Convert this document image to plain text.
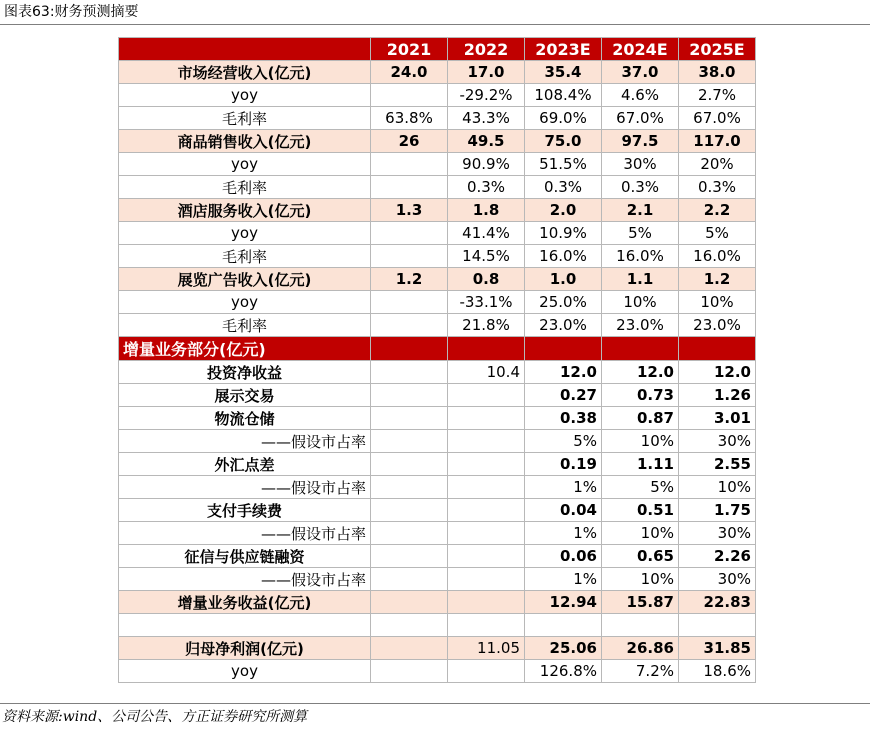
图表63:财务预测摘要
	2021	2022	2023E	2024E	2025E
市场经营收入(亿元)	24.0	17.0	35.4	37.0	38.0
yoy		-29.2%	108.4%	4.6%	2.7%
毛利率	63.8%	43.3%	69.0%	67.0%	67.0%
商品销售收入(亿元)	26	49.5	75.0	97.5	117.0
yoy		90.9%	51.5%	30%	20%
毛利率		0.3%	0.3%	0.3%	0.3%
酒店服务收入(亿元)	1.3	1.8	2.0	2.1	2.2
yoy		41.4%	10.9%	5%	5%
毛利率		14.5%	16.0%	16.0%	16.0%
展览广告收入(亿元)	1.2	0.8	1.0	1.1	1.2
yoy		-33.1%	25.0%	10%	10%
毛利率		21.8%	23.0%	23.0%	23.0%
增量业务部分(亿元)					
投资净收益		10.4	12.0	12.0	12.0
展示交易			0.27	0.73	1.26
物流仓储			0.38	0.87	3.01
——假设市占率			5%	10%	30%
外汇点差			0.19	1.11	2.55
——假设市占率			1%	5%	10%
支付手续费			0.04	0.51	1.75
——假设市占率			1%	10%	30%
征信与供应链融资			0.06	0.65	2.26
——假设市占率			1%	10%	30%
增量业务收益(亿元)			12.94	15.87	22.83

归母净利润(亿元)		11.05	25.06	26.86	31.85
yoy			126.8%	7.2%	18.6%
资料来源:wind、公司公告、方正证券研究所测算
